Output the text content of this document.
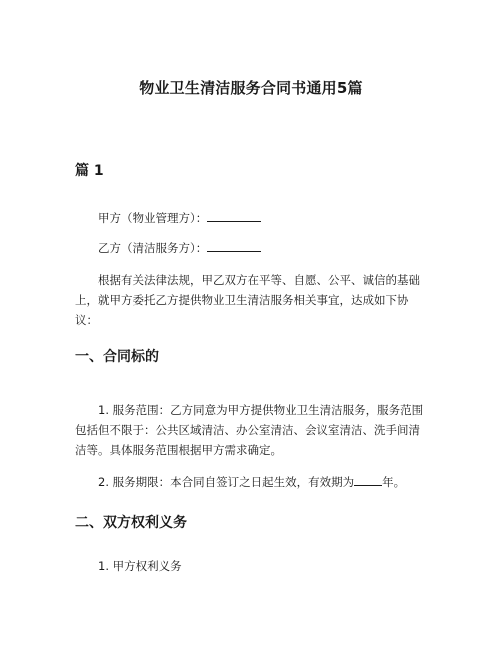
物业卫生清洁服务合同书通用5篇
篇 1

甲方（物业管理方）：

乙方（清洁服务方）：

根据有关法律法规，甲乙双方在平等、自愿、公平、诚信的基础上，就甲方委托乙方提供物业卫生清洁服务相关事宜，达成如下协议：

一、合同标的

1. 服务范围：乙方同意为甲方提供物业卫生清洁服务，服务范围包括但不限于：公共区域清洁、办公室清洁、会议室清洁、洗手间清洁等。具体服务范围根据甲方需求确定。

2. 服务期限：本合同自签订之日起生效，有效期为 年。

二、双方权利义务

1. 甲方权利义务
